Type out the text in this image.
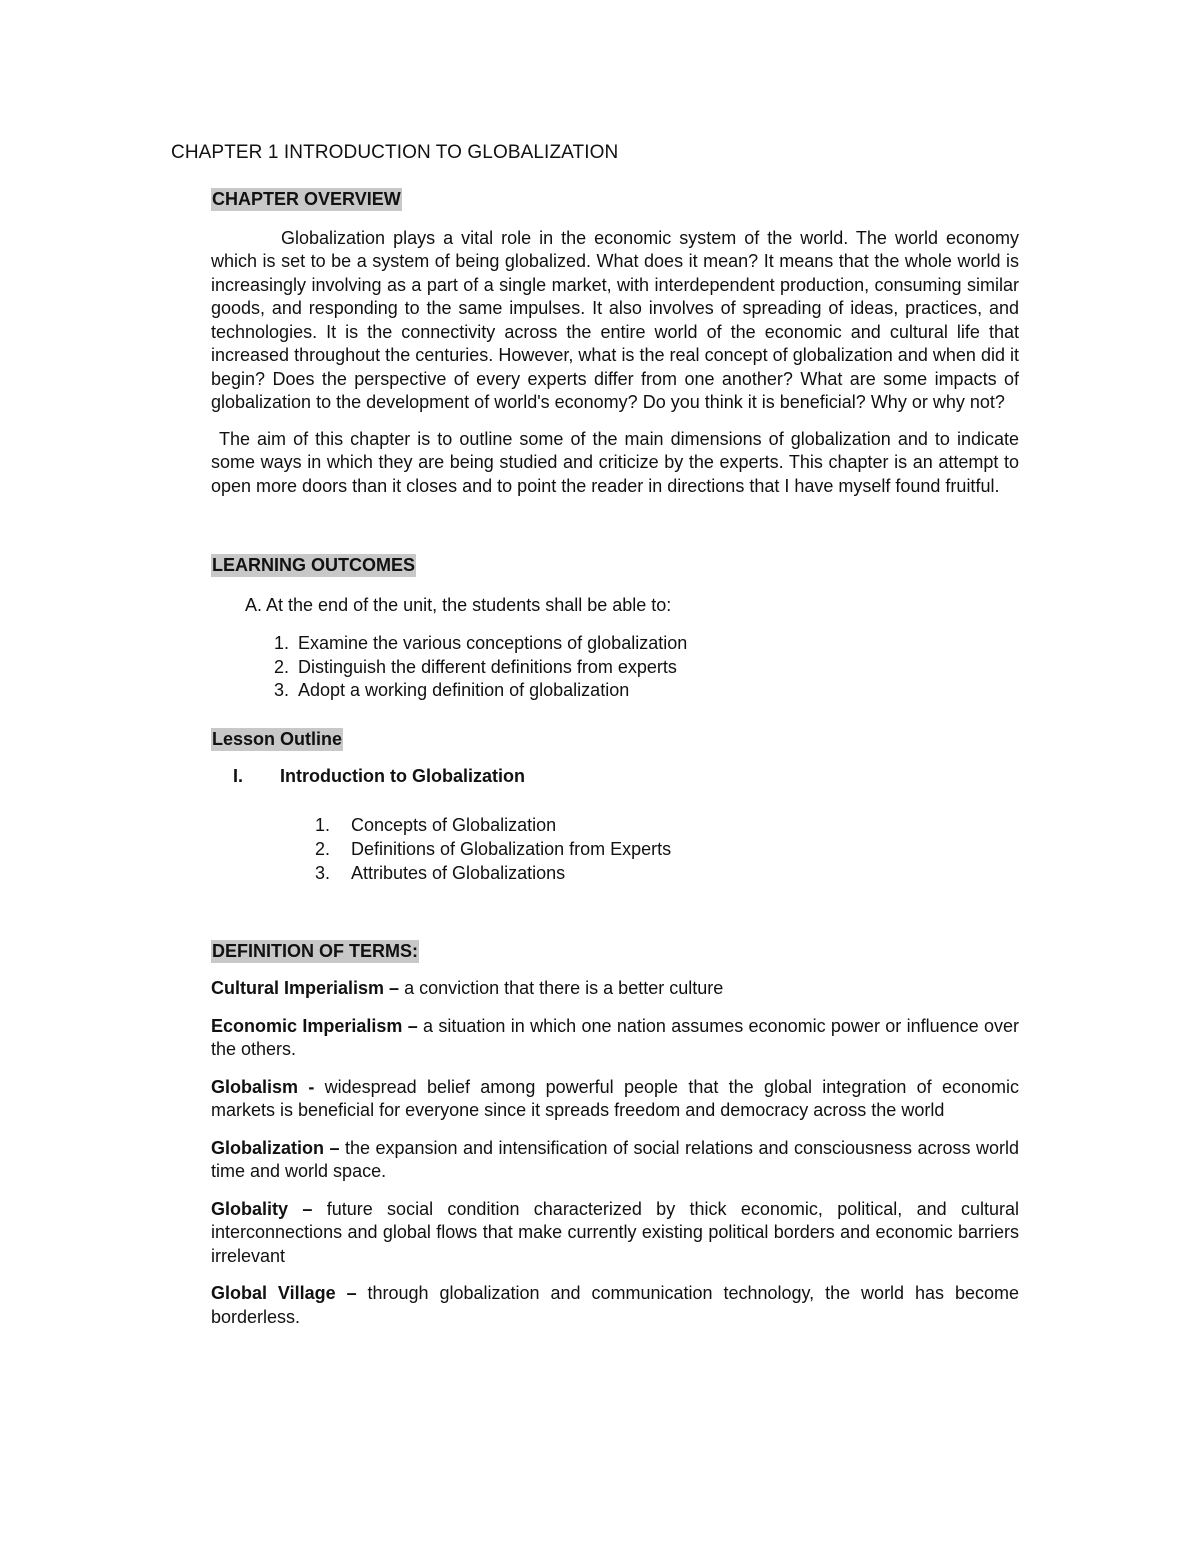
CHAPTER 1 INTRODUCTION TO GLOBALIZATION
CHAPTER OVERVIEW

Globalization plays a vital role in the economic system of the world. The world economy which is set to be a system of being globalized. What does it mean? It means that the whole world is increasingly involving as a part of a single market, with interdependent production, consuming similar goods, and responding to the same impulses. It also involves of spreading of ideas, practices, and technologies. It is the connectivity across the entire world of the economic and cultural life that increased throughout the centuries. However, what is the real concept of globalization and when did it begin? Does the perspective of every experts differ from one another? What are some impacts of globalization to the development of world's economy? Do you think it is beneficial? Why or why not?

The aim of this chapter is to outline some of the main dimensions of globalization and to indicate some ways in which they are being studied and criticize by the experts. This chapter is an attempt to open more doors than it closes and to point the reader in directions that I have myself found fruitful.

LEARNING OUTCOMES
A. At the end of the unit, the students shall be able to:
1. Examine the various conceptions of globalization
2. Distinguish the different definitions from experts
3. Adopt a working definition of globalization
Lesson Outline
I.	Introduction to Globalization
1.	Concepts of Globalization
2.	Definitions of Globalization from Experts
3.	Attributes of Globalizations
DEFINITION OF TERMS:

Cultural Imperialism – a conviction that there is a better culture

Economic Imperialism – a situation in which one nation assumes economic power or influence over the others.

Globalism - widespread belief among powerful people that the global integration of economic markets is beneficial for everyone since it spreads freedom and democracy across the world

Globalization – the expansion and intensification of social relations and consciousness across world time and world space.

Globality – future social condition characterized by thick economic, political, and cultural interconnections and global flows that make currently existing political borders and economic barriers irrelevant

Global Village – through globalization and communication technology, the world has become borderless.
